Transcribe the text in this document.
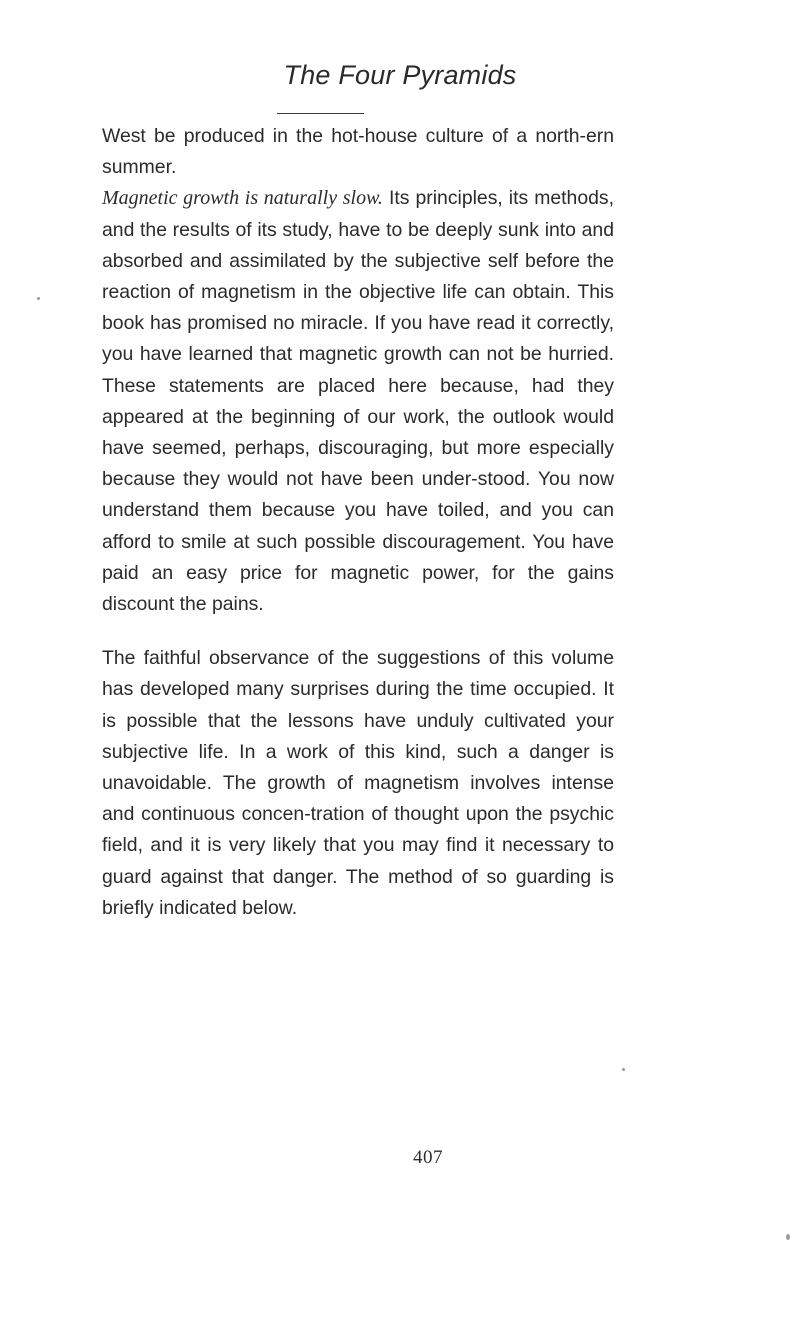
The Four Pyramids

West be produced in the hot-house culture of a north-ern summer.

Magnetic growth is naturally slow. Its principles, its methods, and the results of its study, have to be deeply sunk into and absorbed and assimilated by the subjective self before the reaction of magnetism in the objective life can obtain. This book has promised no miracle. If you have read it correctly, you have learned that magnetic growth can not be hurried. These statements are placed here because, had they appeared at the beginning of our work, the outlook would have seemed, perhaps, discouraging, but more especially because they would not have been under-stood. You now understand them because you have toiled, and you can afford to smile at such possible discouragement. You have paid an easy price for magnetic power, for the gains discount the pains.

The faithful observance of the suggestions of this volume has developed many surprises during the time occupied. It is possible that the lessons have unduly cultivated your subjective life. In a work of this kind, such a danger is unavoidable. The growth of magnetism involves intense and continuous concen-tration of thought upon the psychic field, and it is very likely that you may find it necessary to guard against that danger. The method of so guarding is briefly indicated below.

407
